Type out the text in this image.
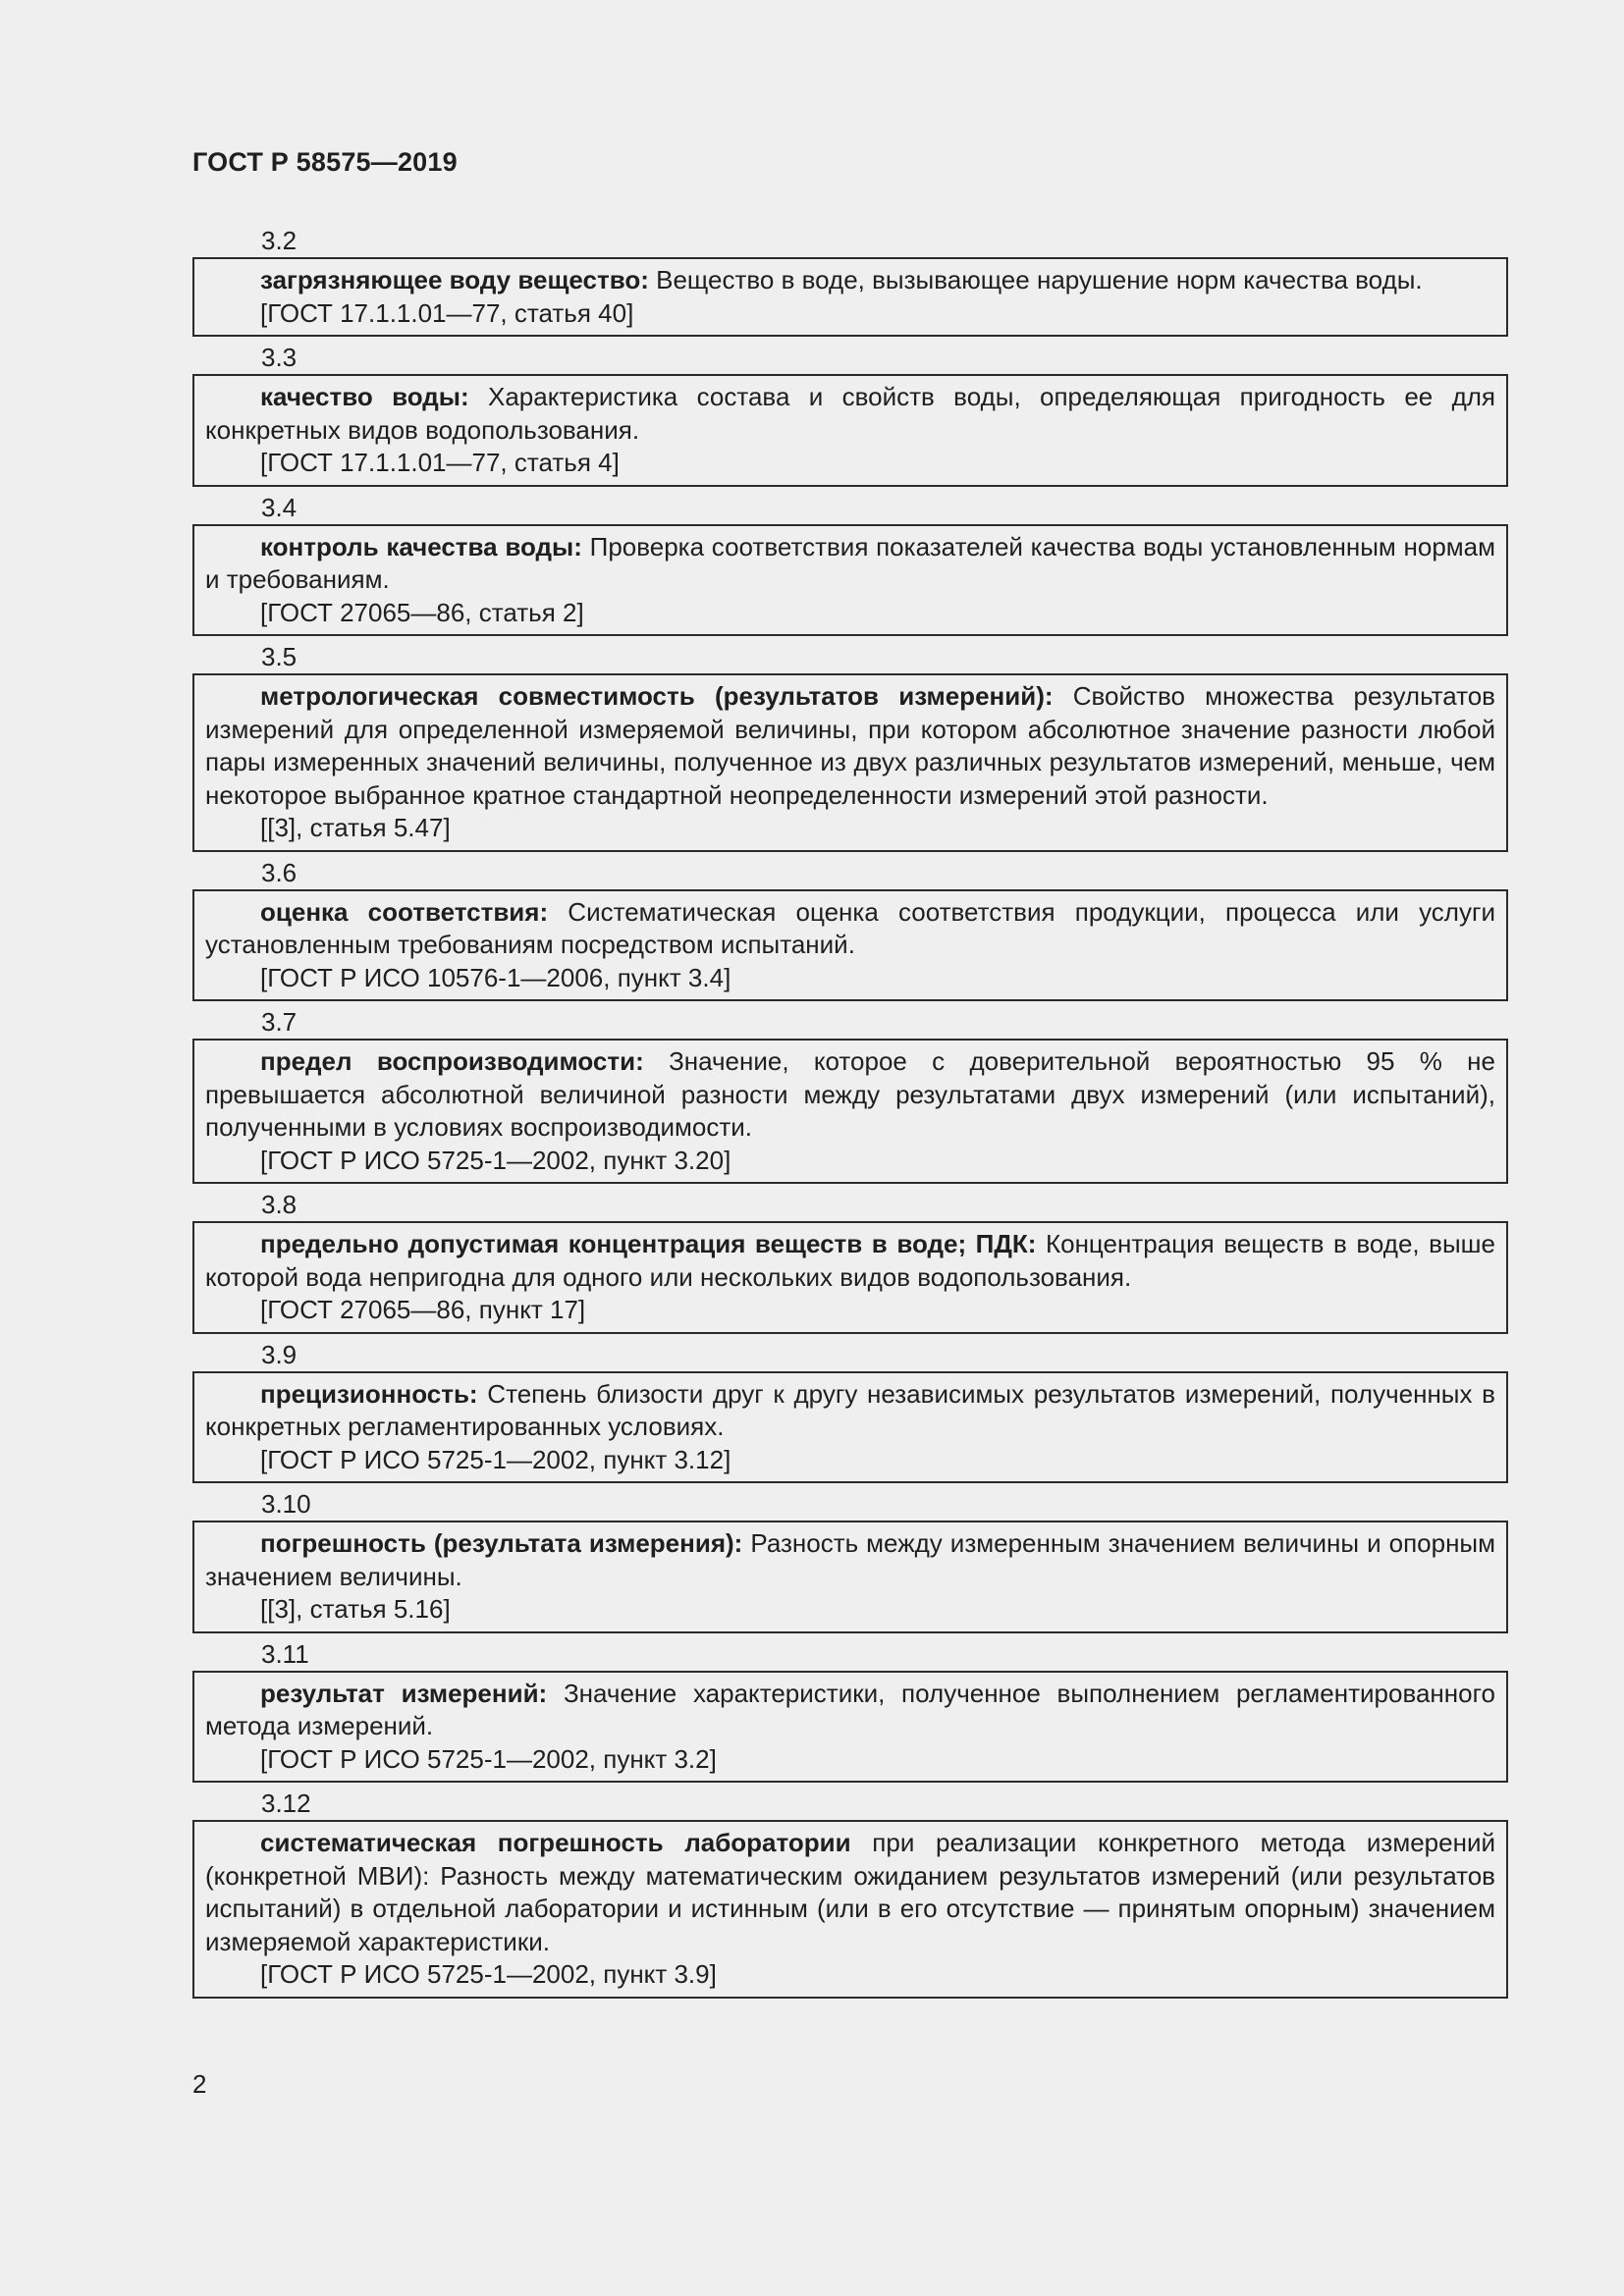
ГОСТ Р 58575—2019
3.2
загрязняющее воду вещество: Вещество в воде, вызывающее нарушение норм качества воды.
[ГОСТ 17.1.1.01—77, статья 40]
3.3
качество воды: Характеристика состава и свойств воды, определяющая пригодность ее для конкретных видов водопользования.
[ГОСТ 17.1.1.01—77, статья 4]
3.4
контроль качества воды: Проверка соответствия показателей качества воды установленным нормам и требованиям.
[ГОСТ 27065—86, статья 2]
3.5
метрологическая совместимость (результатов измерений): Свойство множества результатов измерений для определенной измеряемой величины, при котором абсолютное значение разности любой пары измеренных значений величины, полученное из двух различных результатов измерений, меньше, чем некоторое выбранное кратное стандартной неопределенности измерений этой разности.
[[3], статья 5.47]
3.6
оценка соответствия: Систематическая оценка соответствия продукции, процесса или услуги установленным требованиям посредством испытаний.
[ГОСТ Р ИСО 10576-1—2006, пункт 3.4]
3.7
предел воспроизводимости: Значение, которое с доверительной вероятностью 95 % не превышается абсолютной величиной разности между результатами двух измерений (или испытаний), полученными в условиях воспроизводимости.
[ГОСТ Р ИСО 5725-1—2002, пункт 3.20]
3.8
предельно допустимая концентрация веществ в воде; ПДК: Концентрация веществ в воде, выше которой вода непригодна для одного или нескольких видов водопользования.
[ГОСТ 27065—86, пункт 17]
3.9
прецизионность: Степень близости друг к другу независимых результатов измерений, полученных в конкретных регламентированных условиях.
[ГОСТ Р ИСО 5725-1—2002, пункт 3.12]
3.10
погрешность (результата измерения): Разность между измеренным значением величины и опорным значением величины.
[[3], статья 5.16]
3.11
результат измерений: Значение характеристики, полученное выполнением регламентированного метода измерений.
[ГОСТ Р ИСО 5725-1—2002, пункт 3.2]
3.12
систематическая погрешность лаборатории при реализации конкретного метода измерений (конкретной МВИ): Разность между математическим ожиданием результатов измерений (или результатов испытаний) в отдельной лаборатории и истинным (или в его отсутствие — принятым опорным) значением измеряемой характеристики.
[ГОСТ Р ИСО 5725-1—2002, пункт 3.9]
2
